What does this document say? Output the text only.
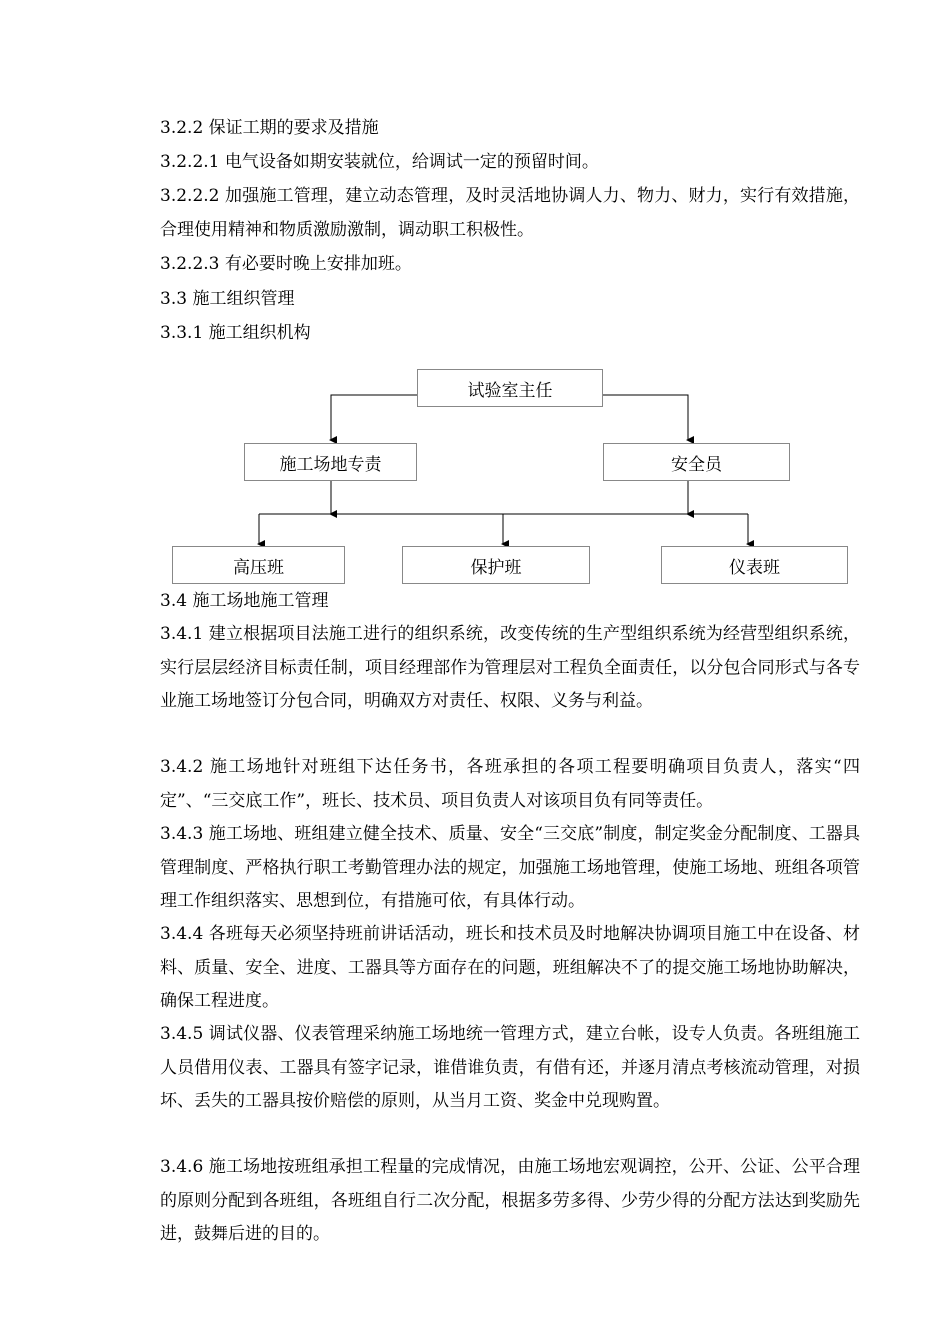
3.2.2 保证工期的要求及措施
3.2.2.1 电气设备如期安装就位，给调试一定的预留时间。
3.2.2.2 加强施工管理，建立动态管理，及时灵活地协调人力、物力、财力，实行有效措施，合理使用精神和物质激励激制，调动职工积极性。
3.2.2.3 有必要时晚上安排加班。
3.3 施工组织管理
3.3.1 施工组织机构
试验室主任
施工场地专责	安全员
高压班	保护班	仪表班
3.4 施工场地施工管理
3.4.1 建立根据项目法施工进行的组织系统，改变传统的生产型组织系统为经营型组织系统，实行层层经济目标责任制，项目经理部作为管理层对工程负全面责任，以分包合同形式与各专业施工场地签订分包合同，明确双方对责任、权限、义务与利益。
3.4.2 施工场地针对班组下达任务书，各班承担的各项工程要明确项目负责人，落实“四定”、“三交底工作”，班长、技术员、项目负责人对该项目负有同等责任。
3.4.3 施工场地、班组建立健全技术、质量、安全“三交底”制度，制定奖金分配制度、工器具管理制度、严格执行职工考勤管理办法的规定，加强施工场地管理，使施工场地、班组各项管理工作组织落实、思想到位，有措施可依，有具体行动。
3.4.4 各班每天必须坚持班前讲话活动，班长和技术员及时地解决协调项目施工中在设备、材料、质量、安全、进度、工器具等方面存在的问题，班组解决不了的提交施工场地协助解决，确保工程进度。
3.4.5 调试仪器、仪表管理采纳施工场地统一管理方式，建立台帐，设专人负责。各班组施工人员借用仪表、工器具有签字记录，谁借谁负责，有借有还，并逐月清点考核流动管理，对损坏、丢失的工器具按价赔偿的原则，从当月工资、奖金中兑现购置。
3.4.6 施工场地按班组承担工程量的完成情况，由施工场地宏观调控，公开、公证、公平合理的原则分配到各班组，各班组自行二次分配，根据多劳多得、少劳少得的分配方法达到奖励先进，鼓舞后进的目的。
